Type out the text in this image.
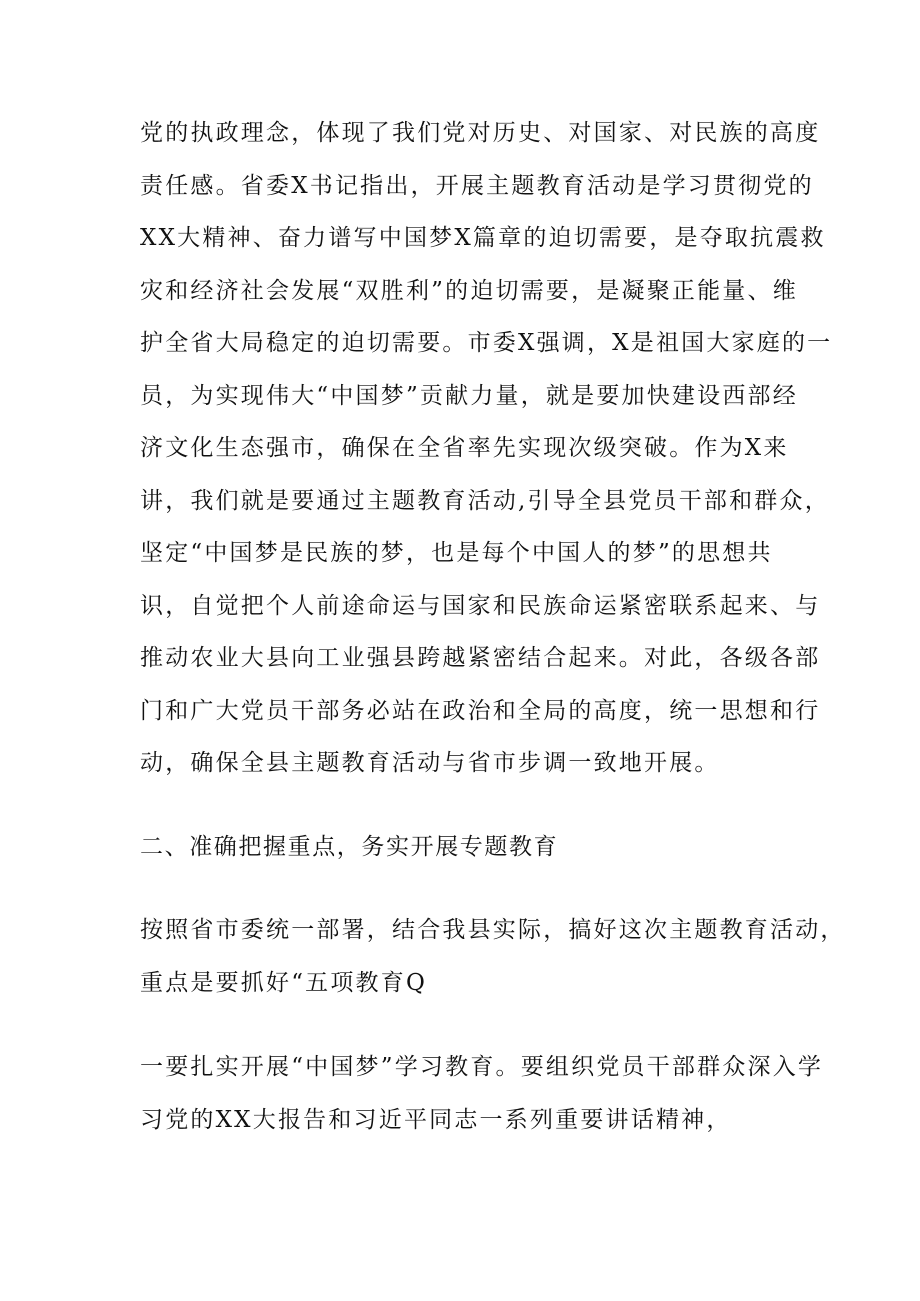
党的执政理念，体现了我们党对历史、对国家、对民族的高度
责任感。省委X书记指出，开展主题教育活动是学习贯彻党的
XX大精神、奋力谱写中国梦X篇章的迫切需要，是夺取抗震救
灾和经济社会发展“双胜利”的迫切需要，是凝聚正能量、维
护全省大局稳定的迫切需要。市委X强调，X是祖国大家庭的一
员，为实现伟大“中国梦”贡献力量，就是要加快建设西部经
济文化生态强市，确保在全省率先实现次级突破。作为X来
讲，我们就是要通过主题教育活动,引导全县党员干部和群众，
坚定“中国梦是民族的梦，也是每个中国人的梦”的思想共
识，自觉把个人前途命运与国家和民族命运紧密联系起来、与
推动农业大县向工业强县跨越紧密结合起来。对此，各级各部
门和广大党员干部务必站在政治和全局的高度，统一思想和行
动，确保全县主题教育活动与省市步调一致地开展。
二、准确把握重点，务实开展专题教育
按照省市委统一部署，结合我县实际，搞好这次主题教育活动，
重点是要抓好“五项教育Q
一要扎实开展“中国梦”学习教育。要组织党员干部群众深入学
习党的XX大报告和习近平同志一系列重要讲话精神，
